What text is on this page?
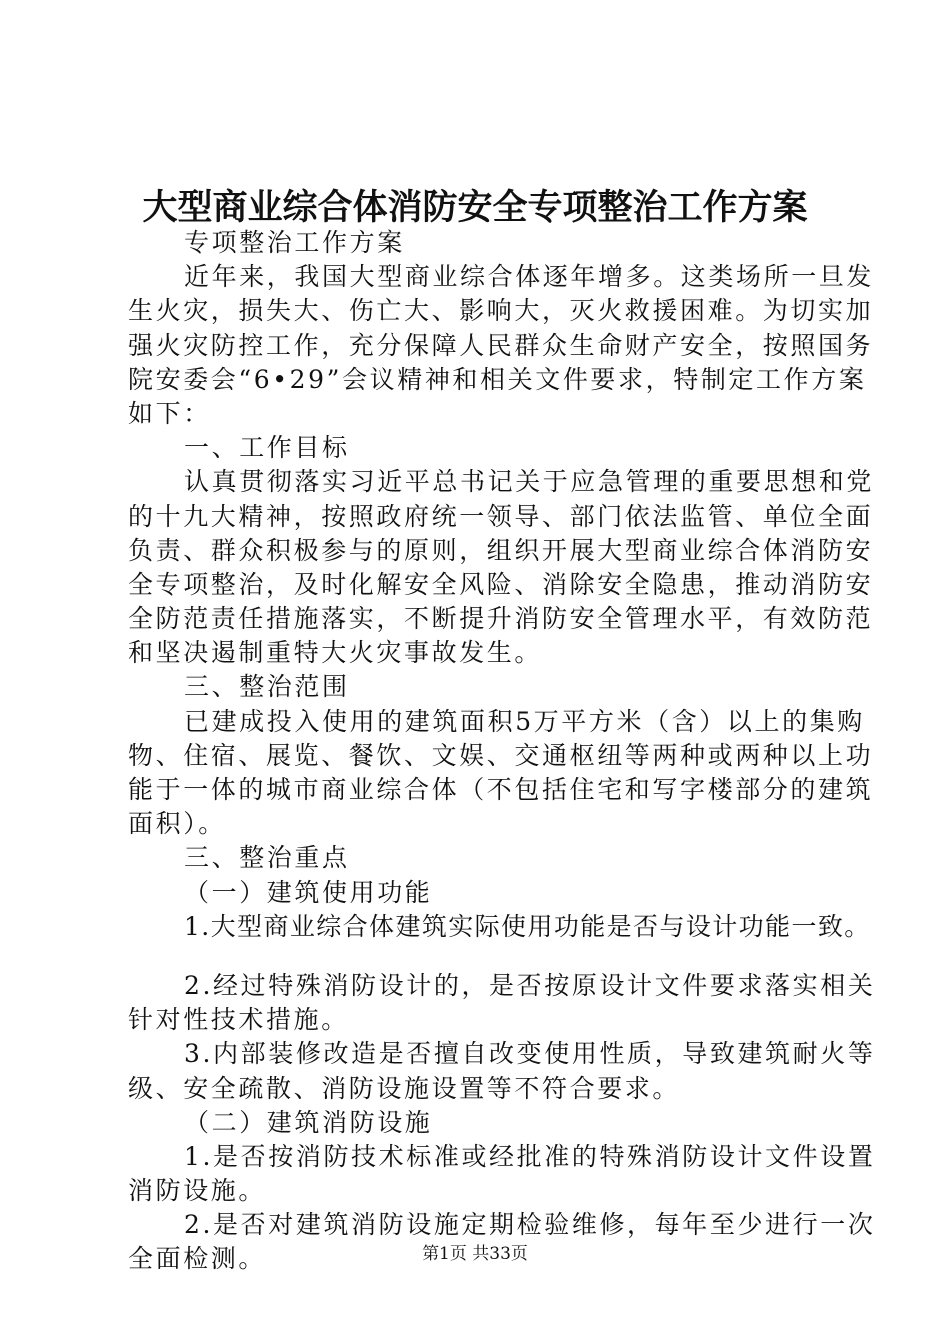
大型商业综合体消防安全专项整治工作方案
专项整治工作方案
近年来，我国大型商业综合体逐年增多。这类场所一旦发
生火灾，损失大、伤亡大、影响大，灭火救援困难。为切实加
强火灾防控工作，充分保障人民群众生命财产安全，按照国务
院安委会“6•29”会议精神和相关文件要求，特制定工作方案
如下：
一、工作目标
认真贯彻落实习近平总书记关于应急管理的重要思想和党
的十九大精神，按照政府统一领导、部门依法监管、单位全面
负责、群众积极参与的原则，组织开展大型商业综合体消防安
全专项整治，及时化解安全风险、消除安全隐患，推动消防安
全防范责任措施落实，不断提升消防安全管理水平，有效防范
和坚决遏制重特大火灾事故发生。
三、整治范围
已建成投入使用的建筑面积5万平方米（含）以上的集购
物、住宿、展览、餐饮、文娱、交通枢纽等两种或两种以上功
能于一体的城市商业综合体（不包括住宅和写字楼部分的建筑
面积）。
三、整治重点
（一）建筑使用功能
1.大型商业综合体建筑实际使用功能是否与设计功能一致。
2.经过特殊消防设计的，是否按原设计文件要求落实相关
针对性技术措施。
3.内部装修改造是否擅自改变使用性质，导致建筑耐火等
级、安全疏散、消防设施设置等不符合要求。
（二）建筑消防设施
1.是否按消防技术标准或经批准的特殊消防设计文件设置
消防设施。
2.是否对建筑消防设施定期检验维修，每年至少进行一次
全面检测。	第1页 共33页
